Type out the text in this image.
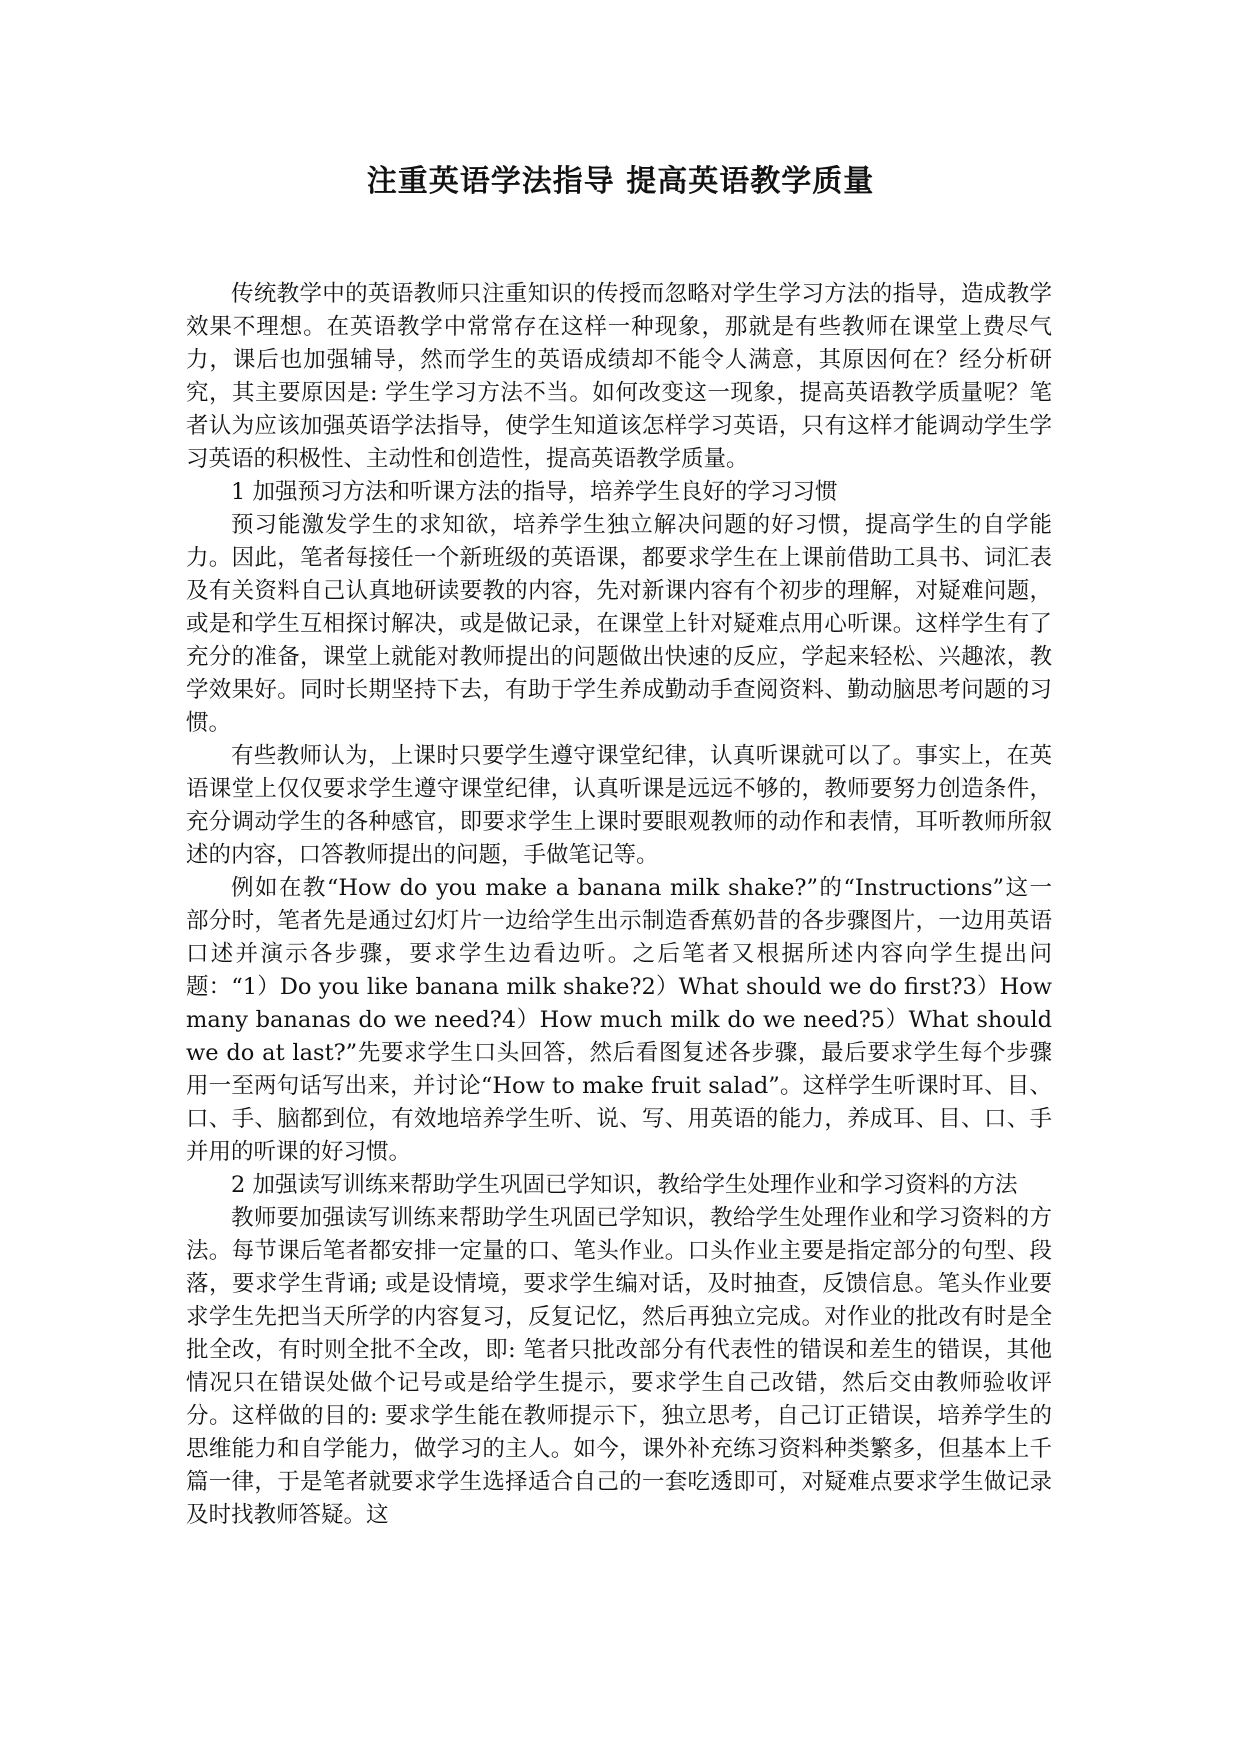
注重英语学法指导 提高英语教学质量

传统教学中的英语教师只注重知识的传授而忽略对学生学习方法的指导，造成教学效果不理想。在英语教学中常常存在这样一种现象，那就是有些教师在课堂上费尽气力，课后也加强辅导，然而学生的英语成绩却不能令人满意，其原因何在？经分析研究，其主要原因是: 学生学习方法不当。如何改变这一现象，提高英语教学质量呢？笔者认为应该加强英语学法指导，使学生知道该怎样学习英语，只有这样才能调动学生学习英语的积极性、主动性和创造性，提高英语教学质量。

1 加强预习方法和听课方法的指导，培养学生良好的学习习惯

预习能激发学生的求知欲，培养学生独立解决问题的好习惯，提高学生的自学能力。因此，笔者每接任一个新班级的英语课，都要求学生在上课前借助工具书、词汇表及有关资料自己认真地研读要教的内容，先对新课内容有个初步的理解，对疑难问题，或是和学生互相探讨解决，或是做记录，在课堂上针对疑难点用心听课。这样学生有了充分的准备，课堂上就能对教师提出的问题做出快速的反应，学起来轻松、兴趣浓，教学效果好。同时长期坚持下去，有助于学生养成勤动手查阅资料、勤动脑思考问题的习惯。

有些教师认为，上课时只要学生遵守课堂纪律，认真听课就可以了。事实上，在英语课堂上仅仅要求学生遵守课堂纪律，认真听课是远远不够的，教师要努力创造条件，充分调动学生的各种感官，即要求学生上课时要眼观教师的动作和表情，耳听教师所叙述的内容，口答教师提出的问题，手做笔记等。

例如在教“How do you make a banana milk shake?”的“Instructions”这一部分时，笔者先是通过幻灯片一边给学生出示制造香蕉奶昔的各步骤图片，一边用英语口述并演示各步骤，要求学生边看边听。之后笔者又根据所述内容向学生提出问题：“1）Do you like banana milk shake?2）What should we do first?3）How many bananas do we need?4）How much milk do we need?5）What should we do at last?”先要求学生口头回答，然后看图复述各步骤，最后要求学生每个步骤用一至两句话写出来，并讨论“How to make fruit salad”。这样学生听课时耳、目、口、手、脑都到位，有效地培养学生听、说、写、用英语的能力，养成耳、目、口、手并用的听课的好习惯。

2 加强读写训练来帮助学生巩固已学知识，教给学生处理作业和学习资料的方法

教师要加强读写训练来帮助学生巩固已学知识，教给学生处理作业和学习资料的方法。每节课后笔者都安排一定量的口、笔头作业。口头作业主要是指定部分的句型、段落，要求学生背诵; 或是设情境，要求学生编对话，及时抽查，反馈信息。笔头作业要求学生先把当天所学的内容复习，反复记忆，然后再独立完成。对作业的批改有时是全批全改，有时则全批不全改，即: 笔者只批改部分有代表性的错误和差生的错误，其他情况只在错误处做个记号或是给学生提示，要求学生自己改错，然后交由教师验收评分。这样做的目的: 要求学生能在教师提示下，独立思考，自己订正错误，培养学生的思维能力和自学能力，做学习的主人。如今，课外补充练习资料种类繁多，但基本上千篇一律，于是笔者就要求学生选择适合自己的一套吃透即可，对疑难点要求学生做记录及时找教师答疑。这
